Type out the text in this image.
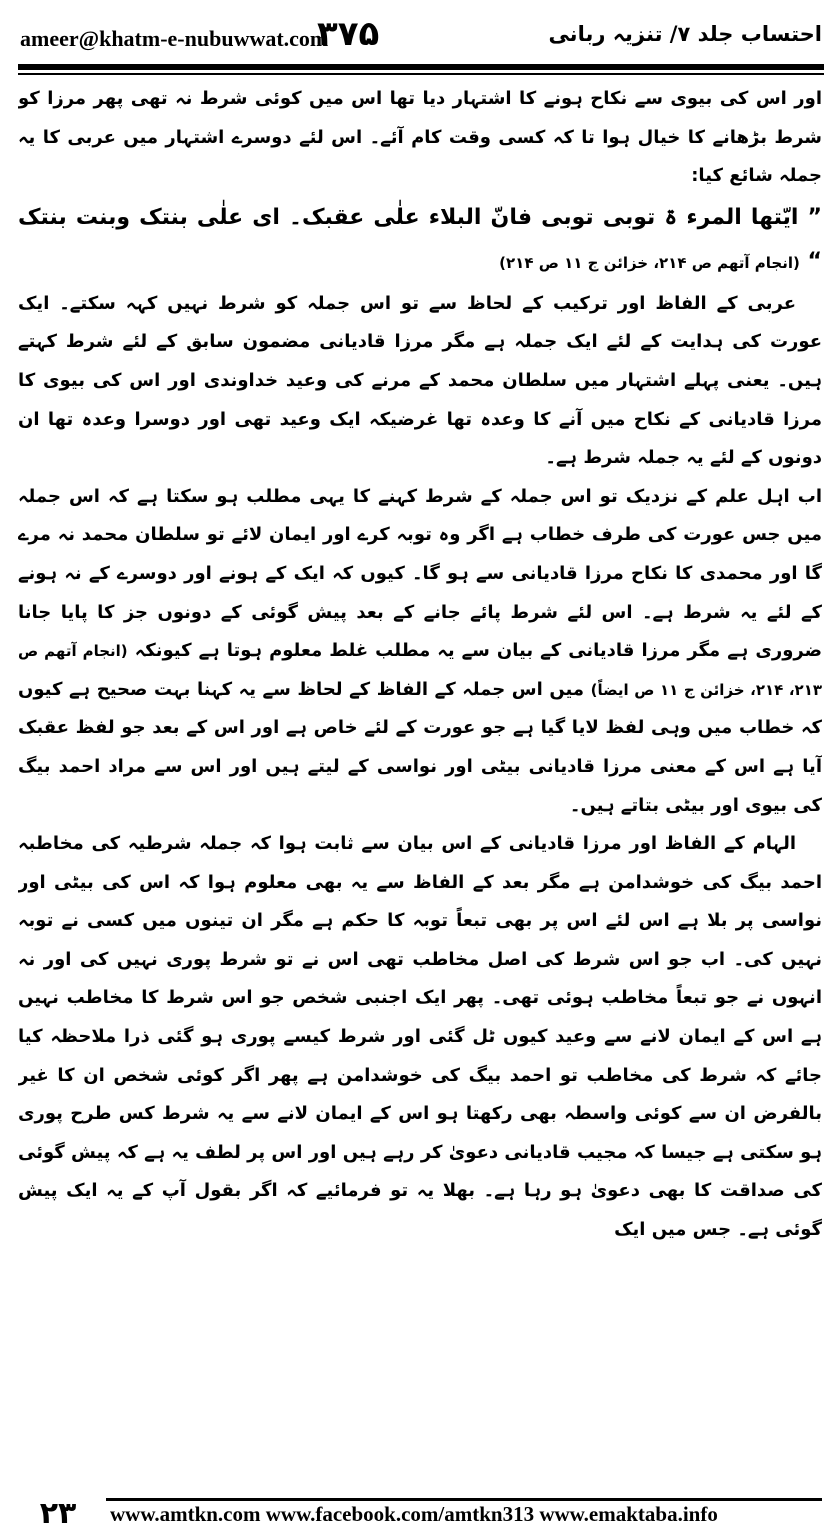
ameer@khatm-e-nubuwwat.com
۳۷۵	احتساب جلد ۷/ تنزیہ ربانی

اور اس کی بیوی سے نکاح ہونے کا اشتہار دیا تھا اس میں کوئی شرط نہ تھی پھر مرزا کو شرط بڑھانے کا خیال ہوا تا کہ کسی وقت کام آئے۔ اس لئے دوسرے اشتہار میں عربی کا یہ جملہ شائع کیا:

” ایّتھا المرء ۃ توبی توبی فانّ البلاء علٰی عقبک۔ ای علٰی بنتک وبنت بنتک “ (انجام آتھم ص ۲۱۴، خزائن ج ۱۱ ص ۲۱۴)

عربی کے الفاظ اور ترکیب کے لحاظ سے تو اس جملہ کو شرط نہیں کہہ سکتے۔ ایک عورت کی ہدایت کے لئے ایک جملہ ہے مگر مرزا قادیانی مضمون سابق کے لئے شرط کہتے ہیں۔ یعنی پہلے اشتہار میں سلطان محمد کے مرنے کی وعید خداوندی اور اس کی بیوی کا مرزا قادیانی کے نکاح میں آنے کا وعدہ تھا غرضیکہ ایک وعید تھی اور دوسرا وعدہ تھا ان دونوں کے لئے یہ جملہ شرط ہے۔

اب اہل علم کے نزدیک تو اس جملہ کے شرط کہنے کا یہی مطلب ہو سکتا ہے کہ اس جملہ میں جس عورت کی طرف خطاب ہے اگر وہ توبہ کرے اور ایمان لائے تو سلطان محمد نہ مرے گا اور محمدی کا نکاح مرزا قادیانی سے ہو گا۔ کیوں کہ ایک کے ہونے اور دوسرے کے نہ ہونے کے لئے یہ شرط ہے۔ اس لئے شرط پائے جانے کے بعد پیش گوئی کے دونوں جز کا پایا جانا ضروری ہے مگر مرزا قادیانی کے بیان سے یہ مطلب غلط معلوم ہوتا ہے کیونکہ (انجام آتھم ص ۲۱۳، ۲۱۴، خزائن ج ۱۱ ص ایضاً) میں اس جملہ کے الفاظ کے لحاظ سے یہ کہنا بہت صحیح ہے کیوں کہ خطاب میں وہی لفظ لایا گیا ہے جو عورت کے لئے خاص ہے اور اس کے بعد جو لفظ عقبک آیا ہے اس کے معنی مرزا قادیانی بیٹی اور نواسی کے لیتے ہیں اور اس سے مراد احمد بیگ کی بیوی اور بیٹی بتاتے ہیں۔

الہام کے الفاظ اور مرزا قادیانی کے اس بیان سے ثابت ہوا کہ جملہ شرطیہ کی مخاطبہ احمد بیگ کی خوشدامن ہے مگر بعد کے الفاظ سے یہ بھی معلوم ہوا کہ اس کی بیٹی اور نواسی پر بلا ہے اس لئے اس پر بھی تبعاً توبہ کا حکم ہے مگر ان تینوں میں کسی نے توبہ نہیں کی۔ اب جو اس شرط کی اصل مخاطب تھی اس نے تو شرط پوری نہیں کی اور نہ انہوں نے جو تبعاً مخاطب ہوئی تھی۔ پھر ایک اجنبی شخص جو اس شرط کا مخاطب نہیں ہے اس کے ایمان لانے سے وعید کیوں ٹل گئی اور شرط کیسے پوری ہو گئی ذرا ملاحظہ کیا جائے کہ شرط کی مخاطب تو احمد بیگ کی خوشدامن ہے پھر اگر کوئی شخص ان کا غیر بالفرض ان سے کوئی واسطہ بھی رکھتا ہو اس کے ایمان لانے سے یہ شرط کس طرح پوری ہو سکتی ہے جیسا کہ مجیب قادیانی دعویٰ کر رہے ہیں اور اس پر لطف یہ ہے کہ پیش گوئی کی صداقت کا بھی دعویٰ ہو رہا ہے۔ بھلا یہ تو فرمائیے کہ اگر بقول آپ کے یہ ایک پیش گوئی ہے۔ جس میں ایک

۲۳	www.amtkn.com www.facebook.com/amtkn313 www.emaktaba.info
